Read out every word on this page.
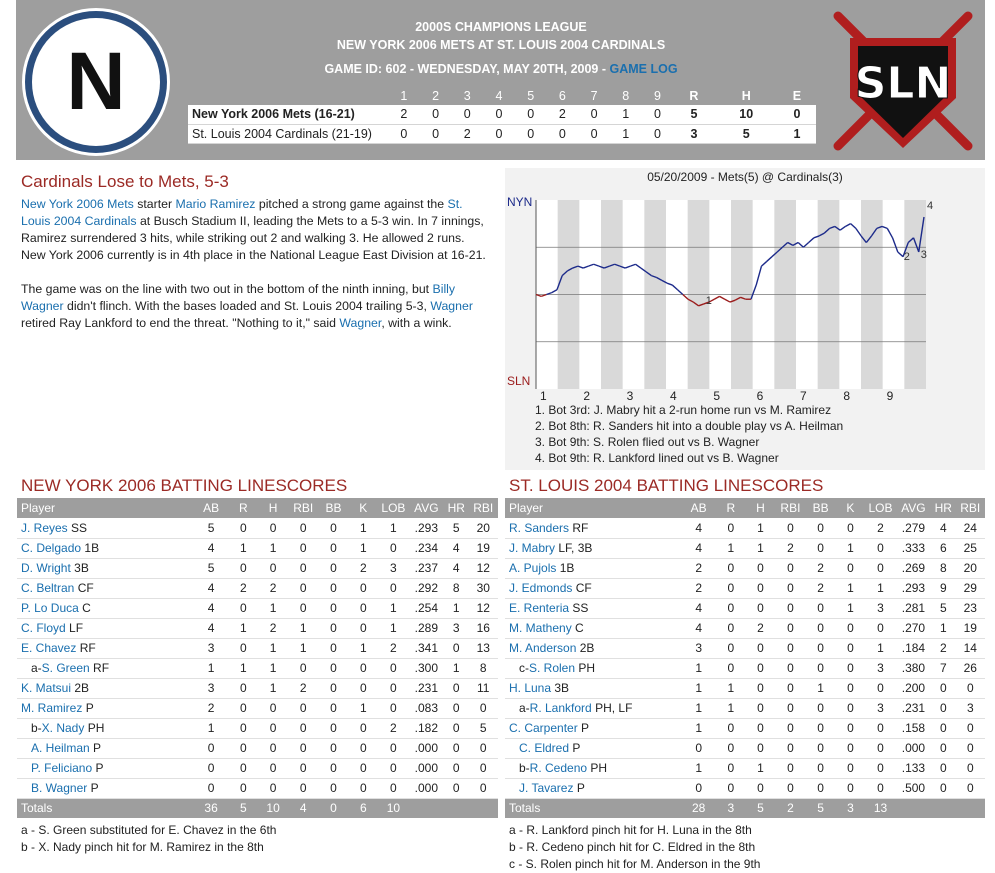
N
2000S CHAMPIONS LEAGUE
NEW YORK 2006 METS AT ST. LOUIS 2004 CARDINALS
GAME ID: 602 - WEDNESDAY, MAY 20TH, 2009 - GAME LOG
	1	2	3	4	5	6	7	8	9	R	H	E
New York 2006 Mets (16-21)	2	0	0	0	0	2	0	1	0	5	10	0
St. Louis 2004 Cardinals (21-19)	0	0	2	0	0	0	0	1	0	3	5	1
SLN
Cardinals Lose to Mets, 5-3

New York 2006 Mets starter Mario Ramirez pitched a strong game against the St. Louis 2004 Cardinals at Busch Stadium II, leading the Mets to a 5-3 win. In 7 innings, Ramirez surrendered 3 hits, while striking out 2 and walking 3. He allowed 2 runs. New York 2006 currently is in 4th place in the National League East Division at 16-21.

The game was on the line with two out in the bottom of the ninth inning, but Billy Wagner didn't flinch. With the bases loaded and St. Louis 2004 trailing 5-3, Wagner retired Ray Lankford to end the threat. "Nothing to it," said Wagner, with a wink.

NYN
SLN
1	2	3	4	5	6	7	8	9
1
2 3
4
05/20/2009 - Mets(5) @ Cardinals(3)
1. Bot 3rd: J. Mabry hit a 2-run home run vs M. Ramirez
2. Bot 8th: R. Sanders hit into a double play vs A. Heilman
3. Bot 9th: S. Rolen flied out vs B. Wagner
4. Bot 9th: R. Lankford lined out vs B. Wagner
NEW YORK 2006 BATTING LINESCORES
Player	AB	R	H	RBI	BB	K	LOB	AVG	HR	RBI
J. Reyes SS	5	0	0	0	0	1	1	.293	5	20
C. Delgado 1B	4	1	1	0	0	1	0	.234	4	19
D. Wright 3B	5	0	0	0	0	2	3	.237	4	12
C. Beltran CF	4	2	2	0	0	0	0	.292	8	30
P. Lo Duca C	4	0	1	0	0	0	1	.254	1	12
C. Floyd LF	4	1	2	1	0	0	1	.289	3	16
E. Chavez RF	3	0	1	1	0	1	2	.341	0	13
a-S. Green RF	1	1	1	0	0	0	0	.300	1	8
K. Matsui 2B	3	0	1	2	0	0	0	.231	0	11
M. Ramirez P	2	0	0	0	0	1	0	.083	0	0
b-X. Nady PH	1	0	0	0	0	0	2	.182	0	5
A. Heilman P	0	0	0	0	0	0	0	.000	0	0
P. Feliciano P	0	0	0	0	0	0	0	.000	0	0
B. Wagner P	0	0	0	0	0	0	0	.000	0	0
Totals	36	5	10	4	0	6	10			
a - S. Green substituted for E. Chavez in the 6th
b - X. Nady pinch hit for M. Ramirez in the 8th
ST. LOUIS 2004 BATTING LINESCORES
Player	AB	R	H	RBI	BB	K	LOB	AVG	HR	RBI
R. Sanders RF	4	0	1	0	0	0	2	.279	4	24
J. Mabry LF, 3B	4	1	1	2	0	1	0	.333	6	25
A. Pujols 1B	2	0	0	0	2	0	0	.269	8	20
J. Edmonds CF	2	0	0	0	2	1	1	.293	9	29
E. Renteria SS	4	0	0	0	0	1	3	.281	5	23
M. Matheny C	4	0	2	0	0	0	0	.270	1	19
M. Anderson 2B	3	0	0	0	0	0	1	.184	2	14
c-S. Rolen PH	1	0	0	0	0	0	3	.380	7	26
H. Luna 3B	1	1	0	0	1	0	0	.200	0	0
a-R. Lankford PH, LF	1	1	0	0	0	0	3	.231	0	3
C. Carpenter P	1	0	0	0	0	0	0	.158	0	0
C. Eldred P	0	0	0	0	0	0	0	.000	0	0
b-R. Cedeno PH	1	0	1	0	0	0	0	.133	0	0
J. Tavarez P	0	0	0	0	0	0	0	.500	0	0
Totals	28	3	5	2	5	3	13			
a - R. Lankford pinch hit for H. Luna in the 8th
b - R. Cedeno pinch hit for C. Eldred in the 8th
c - S. Rolen pinch hit for M. Anderson in the 9th
